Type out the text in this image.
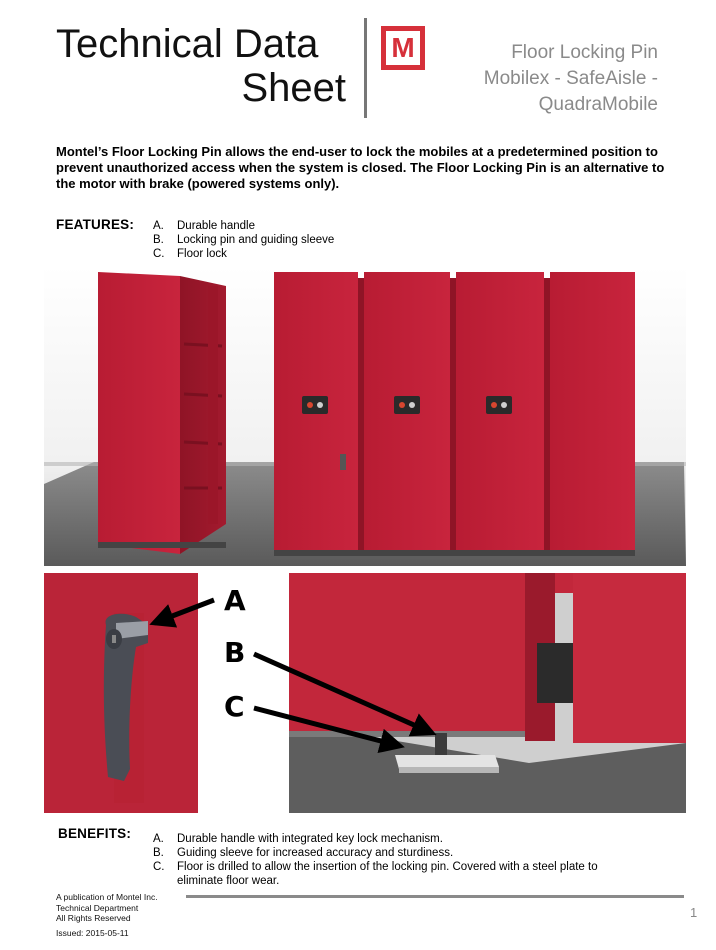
Technical Data
Sheet
M	Floor Locking Pin
Mobilex - SafeAisle -
QuadraMobile
Montel’s Floor Locking Pin allows the end-user to lock the mobiles at a predetermined position to prevent unauthorized access when the system is closed. The Floor Locking Pin is an alternative to the motor with brake (powered systems only).
FEATURES: A.	Durable handle
B.	Locking pin and guiding sleeve
C.	Floor lock
A
B
C
BENEFITS: A.	Durable handle with integrated key lock mechanism.
B.	Guiding sleeve for increased accuracy and sturdiness.
C.	Floor is drilled to allow the insertion of the locking pin. Covered with a steel plate to eliminate floor wear.
A publication of Montel Inc.
Technical Department
All Rights Reserved
Issued: 2015-05-11
1
